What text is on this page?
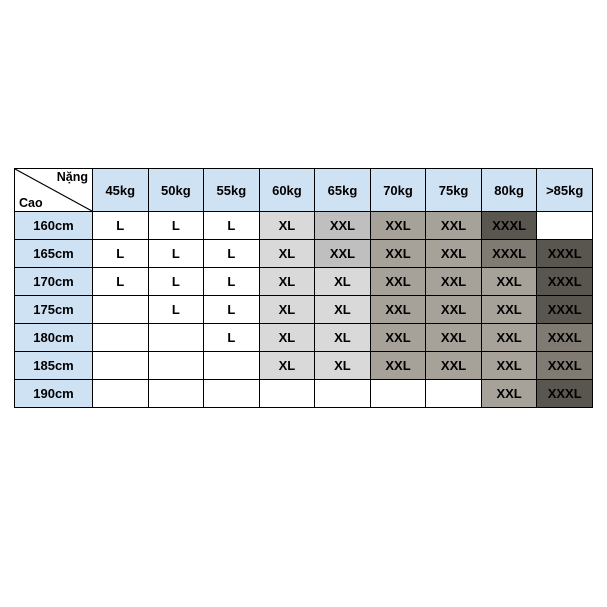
Nặng
Cao	45kg	50kg	55kg	60kg	65kg	70kg	75kg	80kg	>85kg
160cm	L	L	L	XL	XXL	XXL	XXL	XXXL	
165cm	L	L	L	XL	XXL	XXL	XXL	XXXL	XXXL
170cm	L	L	L	XL	XL	XXL	XXL	XXL	XXXL
175cm		L	L	XL	XL	XXL	XXL	XXL	XXXL
180cm			L	XL	XL	XXL	XXL	XXL	XXXL
185cm				XL	XL	XXL	XXL	XXL	XXXL
190cm								XXL	XXXL
